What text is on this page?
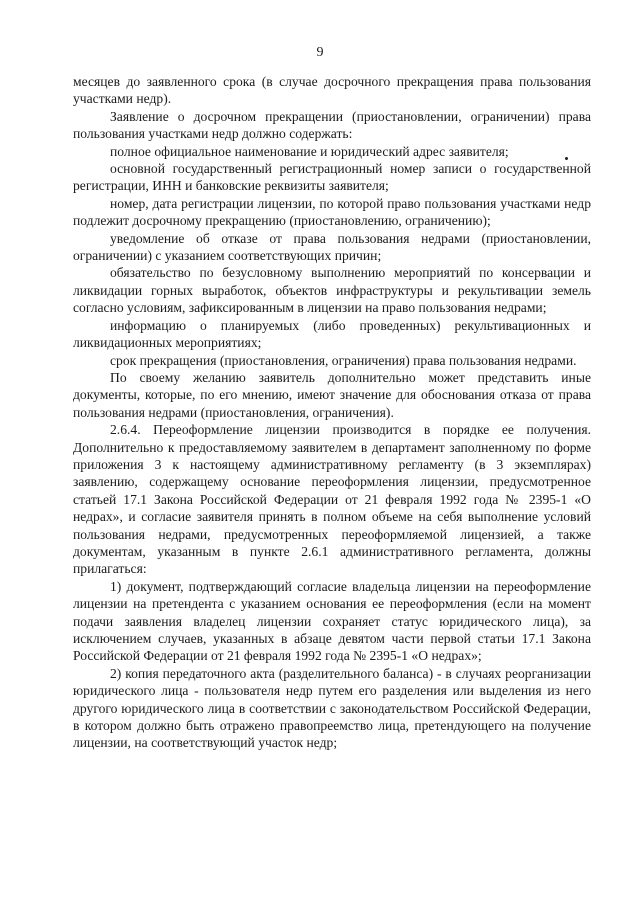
9

месяцев до заявленного срока (в случае досрочного прекращения права пользования участками недр).

Заявление о досрочном прекращении (приостановлении, ограничении) права пользования участками недр должно содержать:

полное официальное наименование и юридический адрес заявителя;

основной государственный регистрационный номер записи о государственной регистрации, ИНН и банковские реквизиты заявителя;

номер, дата регистрации лицензии, по которой право пользования участками недр подлежит досрочному прекращению (приостановлению, ограничению);

уведомление об отказе от права пользования недрами (приостановлении, ограничении) с указанием соответствующих причин;

обязательство по безусловному выполнению мероприятий по консервации и ликвидации горных выработок, объектов инфраструктуры и рекультивации земель согласно условиям, зафиксированным в лицензии на право пользования недрами;

информацию о планируемых (либо проведенных) рекультивационных и ликвидационных мероприятиях;

срок прекращения (приостановления, ограничения) права пользования недрами.

По своему желанию заявитель дополнительно может представить иные документы, которые, по его мнению, имеют значение для обоснования отказа от права пользования недрами (приостановления, ограничения).

2.6.4. Переоформление лицензии производится в порядке ее получения. Дополнительно к предоставляемому заявителем в департамент заполненному по форме приложения 3 к настоящему административному регламенту (в 3 экземплярах) заявлению, содержащему основание переоформления лицензии, предусмотренное статьей 17.1 Закона Российской Федерации от 21 февраля 1992 года № 2395-1 «О недрах», и согласие заявителя принять в полном объеме на себя выполнение условий пользования недрами, предусмотренных переоформляемой лицензией, а также документам, указанным в пункте 2.6.1 административного регламента, должны прилагаться:

1) документ, подтверждающий согласие владельца лицензии на переоформление лицензии на претендента с указанием основания ее переоформления (если на момент подачи заявления владелец лицензии сохраняет статус юридического лица), за исключением случаев, указанных в абзаце девятом части первой статьи 17.1 Закона Российской Федерации от 21 февраля 1992 года № 2395-1 «О недрах»;

2) копия передаточного акта (разделительного баланса) - в случаях реорганизации юридического лица - пользователя недр путем его разделения или выделения из него другого юридического лица в соответствии с законодательством Российской Федерации, в котором должно быть отражено правопреемство лица, претендующего на получение лицензии, на соответствующий участок недр;
